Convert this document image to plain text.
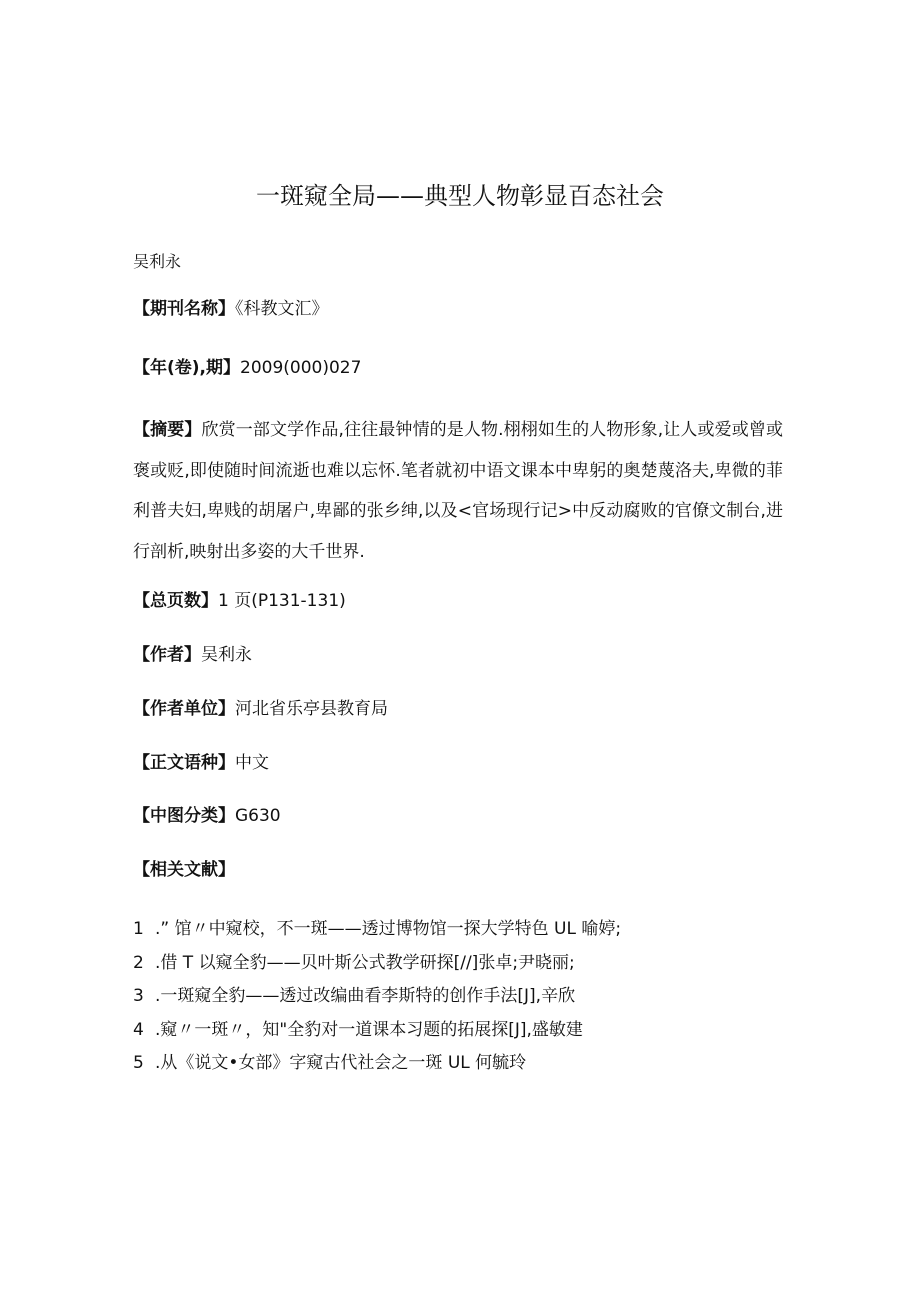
一斑窥全局——典型人物彰显百态社会
吴利永
【期刊名称】《科教文汇》
【年(卷),期】2009(000)027
【摘要】欣赏一部文学作品,往往最钟情的是人物.栩栩如生的人物形象,让人或爱或曾或褒或贬,即使随时间流逝也难以忘怀.笔者就初中语文课本中卑躬的奥楚蔑洛夫,卑微的菲利普夫妇,卑贱的胡屠户,卑鄙的张乡绅,以及<官场现行记>中反动腐败的官僚文制台,进行剖析,映射出多姿的大千世界.
【总页数】1 页(P131-131)
【作者】吴利永
【作者单位】河北省乐亭县教育局
【正文语种】中文
【中图分类】G630
【相关文献】
1 .” 馆〃中窥校，不一斑——透过博物馆一探大学特色 UL 喻婷;
2 .借 T 以窥全豹——贝叶斯公式教学研探[//]张卓;尹晓丽;
3 .一斑窥全豹——透过改编曲看李斯特的创作手法[J],辛欣
4 .窥〃一斑〃，知"全豹对一道课本习题的拓展探[J],盛敏建
5 .从《说文•女部》字窥古代社会之一斑 UL 何毓玲
